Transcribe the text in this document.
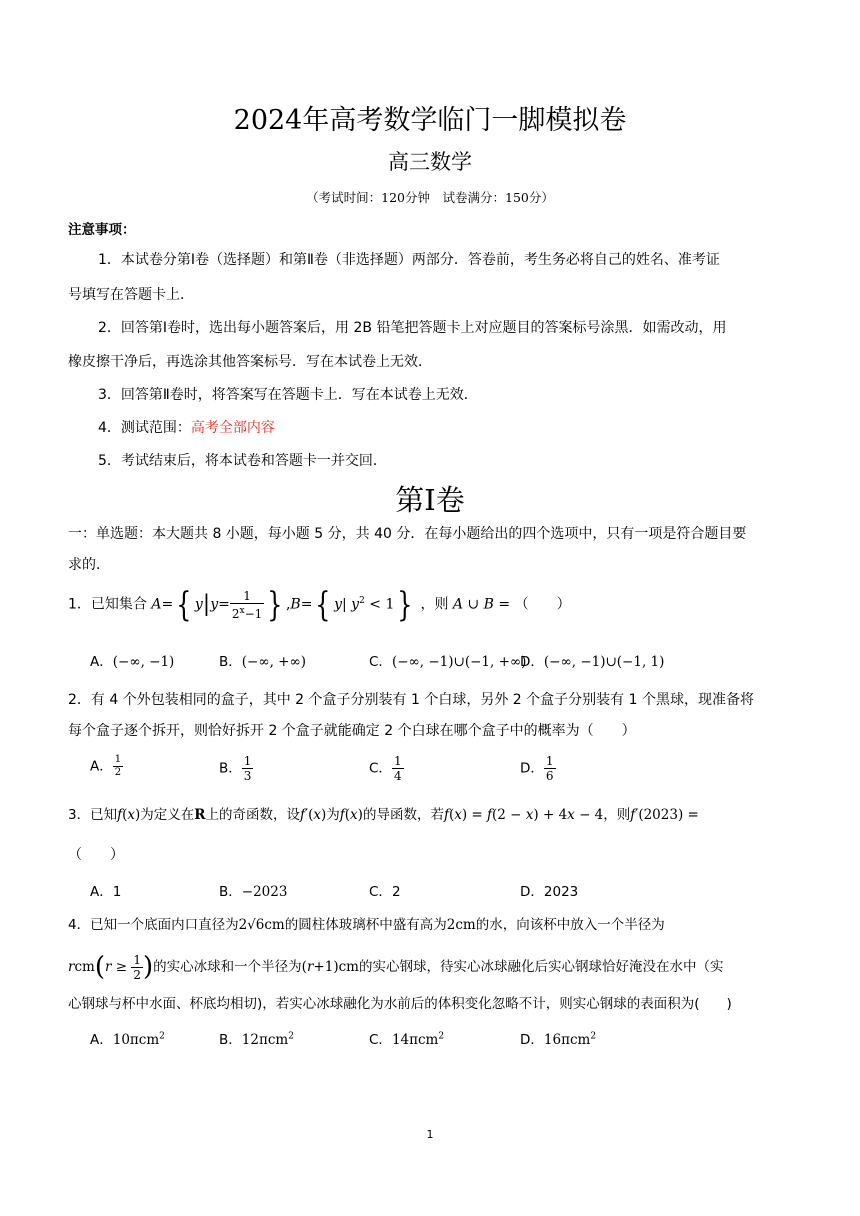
2024年高考数学临门一脚模拟卷
高三数学
（考试时间：120分钟　试卷满分：150分）
注意事项：
1．本试卷分第Ⅰ卷（选择题）和第Ⅱ卷（非选择题）两部分．答卷前，考生务必将自己的姓名、准考证
号填写在答题卡上．
2．回答第Ⅰ卷时，选出每小题答案后，用 2B 铅笔把答题卡上对应题目的答案标号涂黑．如需改动，用
橡皮擦干净后，再选涂其他答案标号．写在本试卷上无效．
3．回答第Ⅱ卷时，将答案写在答题卡上．写在本试卷上无效．
4．测试范围：高考全部内容
5．考试结束后，将本试卷和答题卡一并交回．
第Ⅰ卷
一：单选题：本大题共 8 小题，每小题 5 分，共 40 分．在每小题给出的四个选项中，只有一项是符合题目要
求的．
1．已知集合 A={ $y|y= \frac{1}{2^x-1}$ } ,B={ y| $y^2 < 1$} ，则 A ∪ B = （　　）
A．(−∞, −1)	B．(−∞, +∞)	C．(−∞, −1)∪(−1, +∞)
D．(−∞, −1)∪(−1, 1)
2．有 4 个外包装相同的盒子，其中 2 个盒子分别装有 1 个白球，另外 2 个盒子分别装有 1 个黑球，现准备将
每个盒子逐个拆开，则恰好拆开 2 个盒子就能确定 2 个白球在哪个盒子中的概率为（　　）
A． $\frac{1}{2}$	B． $\frac{1}{3}$	C． $\frac{1}{4}$	D． $\frac{1}{6}$
3．已知f(x)为定义在R上的奇函数，设f′(x)为f(x)的导函数，若f(x) = f(2 − x) + 4x − 4，则f′(2023) =
（　　）
A．1	B．−2023	C．2	D．2023
4．已知一个底面内口直径为2√6cm的圆柱体玻璃杯中盛有高为2cm的水，向该杯中放入一个半径为
$rcm(r \ge \frac{1}{2}$ )的实心冰球和一个半径为(r+1)cm的实心钢球，待实心冰球融化后实心钢球恰好淹没在水中（实
心钢球与杯中水面、杯底均相切)，若实心冰球融化为水前后的体积变化忽略不计，则实心钢球的表面积为(　　)
A．10πcm$^2$	B．12πcm$^2$	C．14πcm$^2$	D．16πcm$^2$
1
